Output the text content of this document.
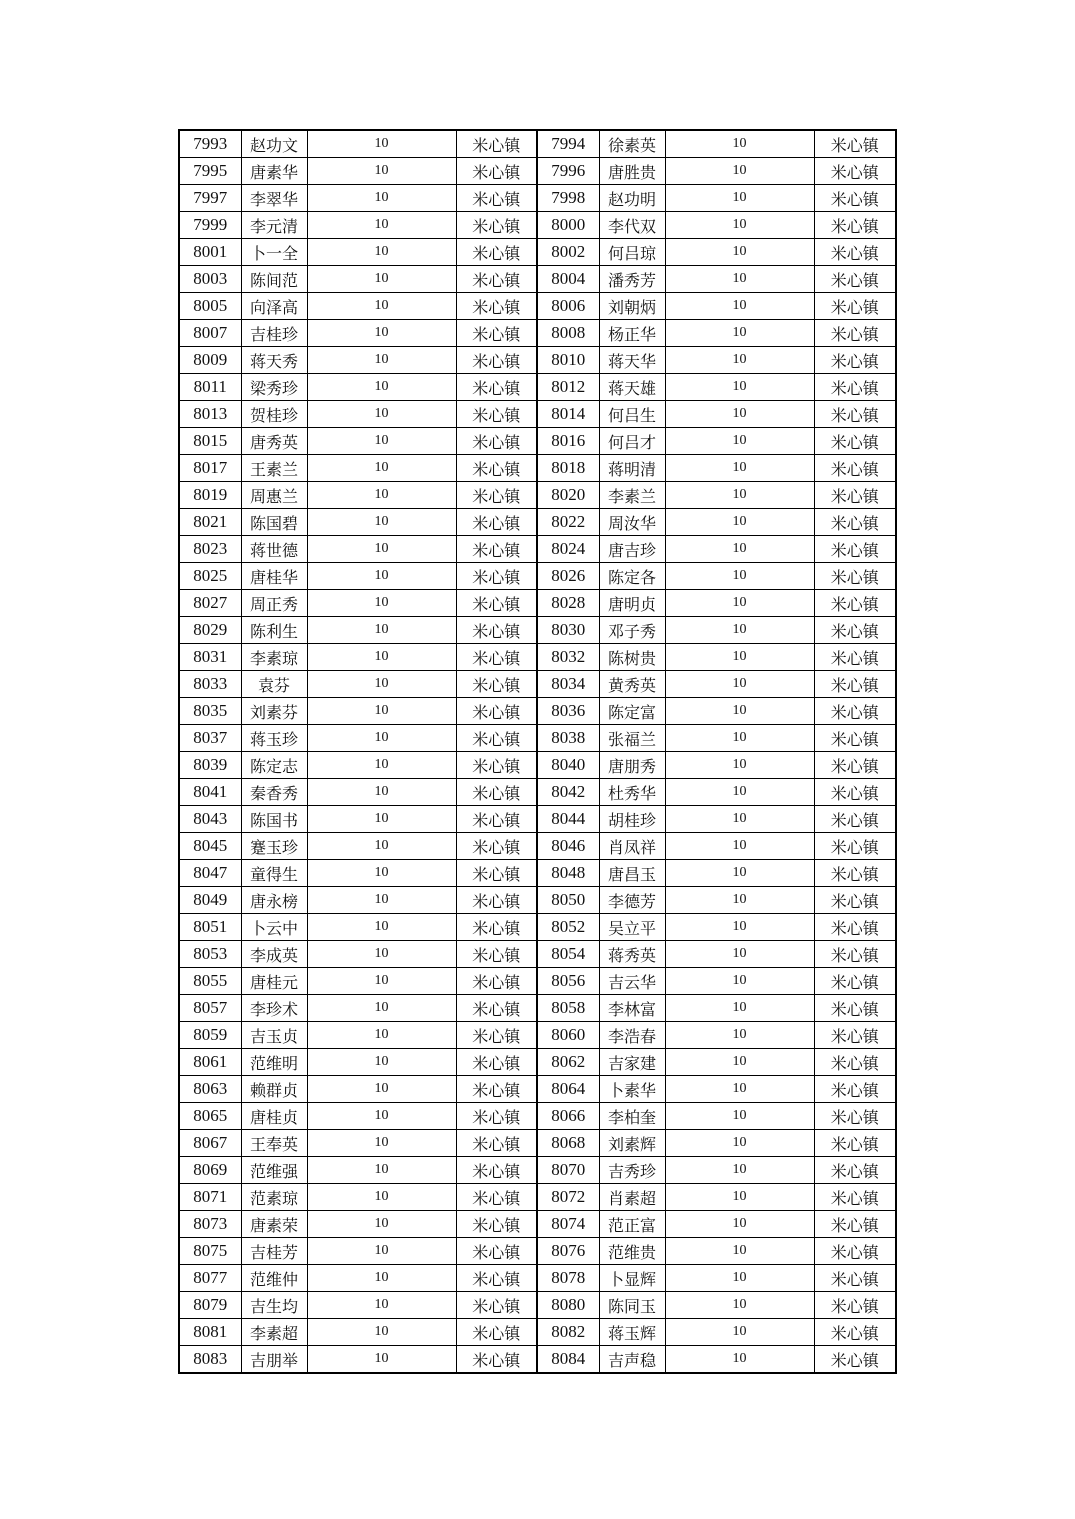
7993	赵功文	10	米心镇	7994	徐素英	10	米心镇
7995	唐素华	10	米心镇	7996	唐胜贵	10	米心镇
7997	李翠华	10	米心镇	7998	赵功明	10	米心镇
7999	李元清	10	米心镇	8000	李代双	10	米心镇
8001	卜一全	10	米心镇	8002	何吕琼	10	米心镇
8003	陈间范	10	米心镇	8004	潘秀芳	10	米心镇
8005	向泽高	10	米心镇	8006	刘朝炳	10	米心镇
8007	吉桂珍	10	米心镇	8008	杨正华	10	米心镇
8009	蒋天秀	10	米心镇	8010	蒋天华	10	米心镇
8011	梁秀珍	10	米心镇	8012	蒋天雄	10	米心镇
8013	贺桂珍	10	米心镇	8014	何吕生	10	米心镇
8015	唐秀英	10	米心镇	8016	何吕才	10	米心镇
8017	王素兰	10	米心镇	8018	蒋明清	10	米心镇
8019	周惠兰	10	米心镇	8020	李素兰	10	米心镇
8021	陈国碧	10	米心镇	8022	周汝华	10	米心镇
8023	蒋世德	10	米心镇	8024	唐吉珍	10	米心镇
8025	唐桂华	10	米心镇	8026	陈定各	10	米心镇
8027	周正秀	10	米心镇	8028	唐明贞	10	米心镇
8029	陈利生	10	米心镇	8030	邓子秀	10	米心镇
8031	李素琼	10	米心镇	8032	陈树贵	10	米心镇
8033	袁芬	10	米心镇	8034	黄秀英	10	米心镇
8035	刘素芬	10	米心镇	8036	陈定富	10	米心镇
8037	蒋玉珍	10	米心镇	8038	张福兰	10	米心镇
8039	陈定志	10	米心镇	8040	唐朋秀	10	米心镇
8041	秦香秀	10	米心镇	8042	杜秀华	10	米心镇
8043	陈国书	10	米心镇	8044	胡桂珍	10	米心镇
8045	蹇玉珍	10	米心镇	8046	肖凤祥	10	米心镇
8047	童得生	10	米心镇	8048	唐昌玉	10	米心镇
8049	唐永榜	10	米心镇	8050	李德芳	10	米心镇
8051	卜云中	10	米心镇	8052	吴立平	10	米心镇
8053	李成英	10	米心镇	8054	蒋秀英	10	米心镇
8055	唐桂元	10	米心镇	8056	吉云华	10	米心镇
8057	李珍术	10	米心镇	8058	李林富	10	米心镇
8059	吉玉贞	10	米心镇	8060	李浩春	10	米心镇
8061	范维明	10	米心镇	8062	吉家建	10	米心镇
8063	赖群贞	10	米心镇	8064	卜素华	10	米心镇
8065	唐桂贞	10	米心镇	8066	李柏奎	10	米心镇
8067	王奉英	10	米心镇	8068	刘素辉	10	米心镇
8069	范维强	10	米心镇	8070	吉秀珍	10	米心镇
8071	范素琼	10	米心镇	8072	肖素超	10	米心镇
8073	唐素荣	10	米心镇	8074	范正富	10	米心镇
8075	吉桂芳	10	米心镇	8076	范维贵	10	米心镇
8077	范维仲	10	米心镇	8078	卜显辉	10	米心镇
8079	吉生均	10	米心镇	8080	陈同玉	10	米心镇
8081	李素超	10	米心镇	8082	蒋玉辉	10	米心镇
8083	吉朋举	10	米心镇	8084	吉声稳	10	米心镇
